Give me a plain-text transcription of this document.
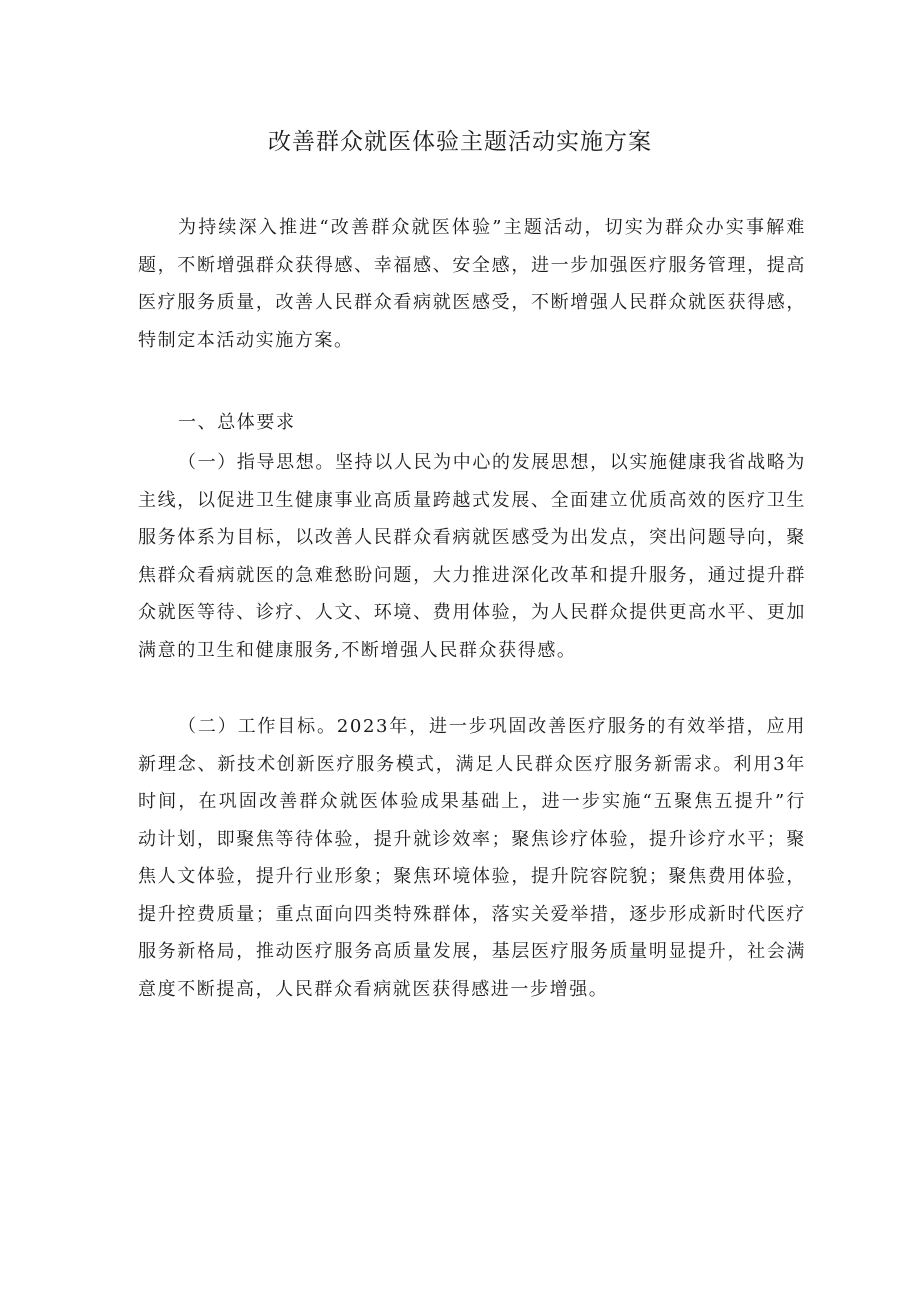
改善群众就医体验主题活动实施方案

为持续深入推进“改善群众就医体验”主题活动，切实为群众办实事解难题，不断增强群众获得感、幸福感、安全感，进一步加强医疗服务管理，提高医疗服务质量，改善人民群众看病就医感受，不断增强人民群众就医获得感，特制定本活动实施方案。

一、总体要求

（一）指导思想。坚持以人民为中心的发展思想，以实施健康我省战略为主线，以促进卫生健康事业高质量跨越式发展、全面建立优质高效的医疗卫生服务体系为目标，以改善人民群众看病就医感受为出发点，突出问题导向，聚焦群众看病就医的急难愁盼问题，大力推进深化改革和提升服务，通过提升群众就医等待、诊疗、人文、环境、费用体验，为人民群众提供更高水平、更加满意的卫生和健康服务,不断增强人民群众获得感。

（二）工作目标。2023年，进一步巩固改善医疗服务的有效举措，应用新理念、新技术创新医疗服务模式，满足人民群众医疗服务新需求。利用3年时间，在巩固改善群众就医体验成果基础上，进一步实施“五聚焦五提升”行动计划，即聚焦等待体验，提升就诊效率；聚焦诊疗体验，提升诊疗水平；聚焦人文体验，提升行业形象；聚焦环境体验，提升院容院貌；聚焦费用体验，提升控费质量；重点面向四类特殊群体，落实关爱举措，逐步形成新时代医疗服务新格局，推动医疗服务高质量发展，基层医疗服务质量明显提升，社会满意度不断提高，人民群众看病就医获得感进一步增强。
